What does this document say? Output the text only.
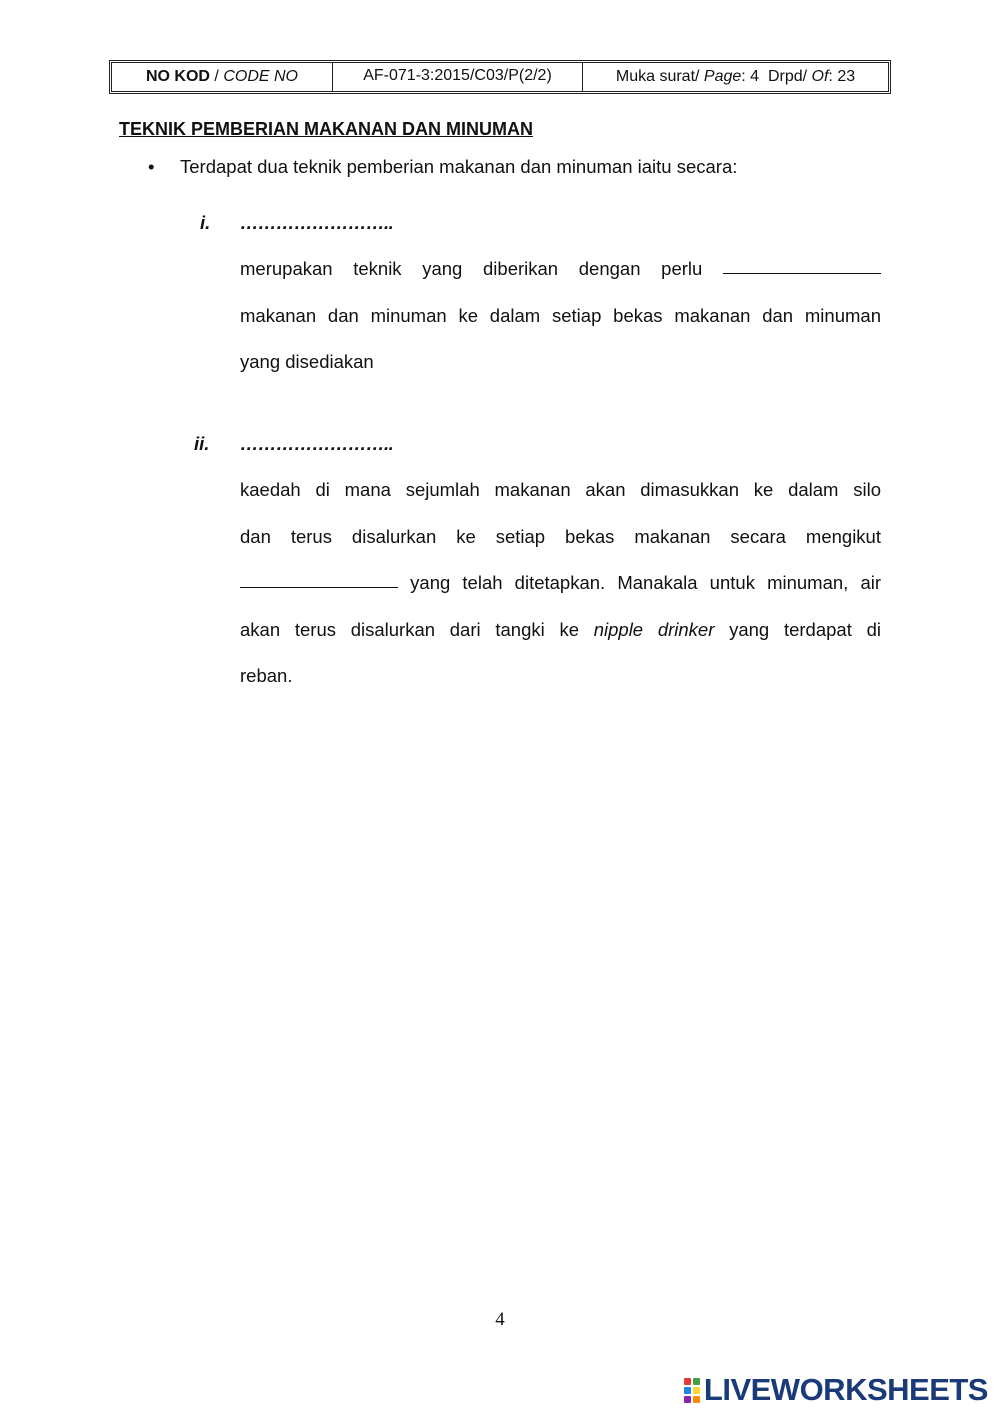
NO KOD / CODE NO	AF-071-3:2015/C03/P(2/2)	Muka surat/ Page : 4  Drpd/ Of : 23
TEKNIK PEMBERIAN MAKANAN DAN MINUMAN
• Terdapat dua teknik pemberian makanan dan minuman iaitu secara:
i. ……………………..
merupakan teknik yang diberikan dengan perlu
makanan dan minuman ke dalam setiap bekas makanan dan minuman
yang disediakan
ii. ……………………..
kaedah di mana sejumlah makanan akan dimasukkan ke dalam silo
dan terus disalurkan ke setiap bekas makanan secara mengikut
yang telah ditetapkan. Manakala untuk minuman, air
akan terus disalurkan dari tangki ke nipple drinker yang terdapat di
reban.
4
LIVEWORKSHEETS
